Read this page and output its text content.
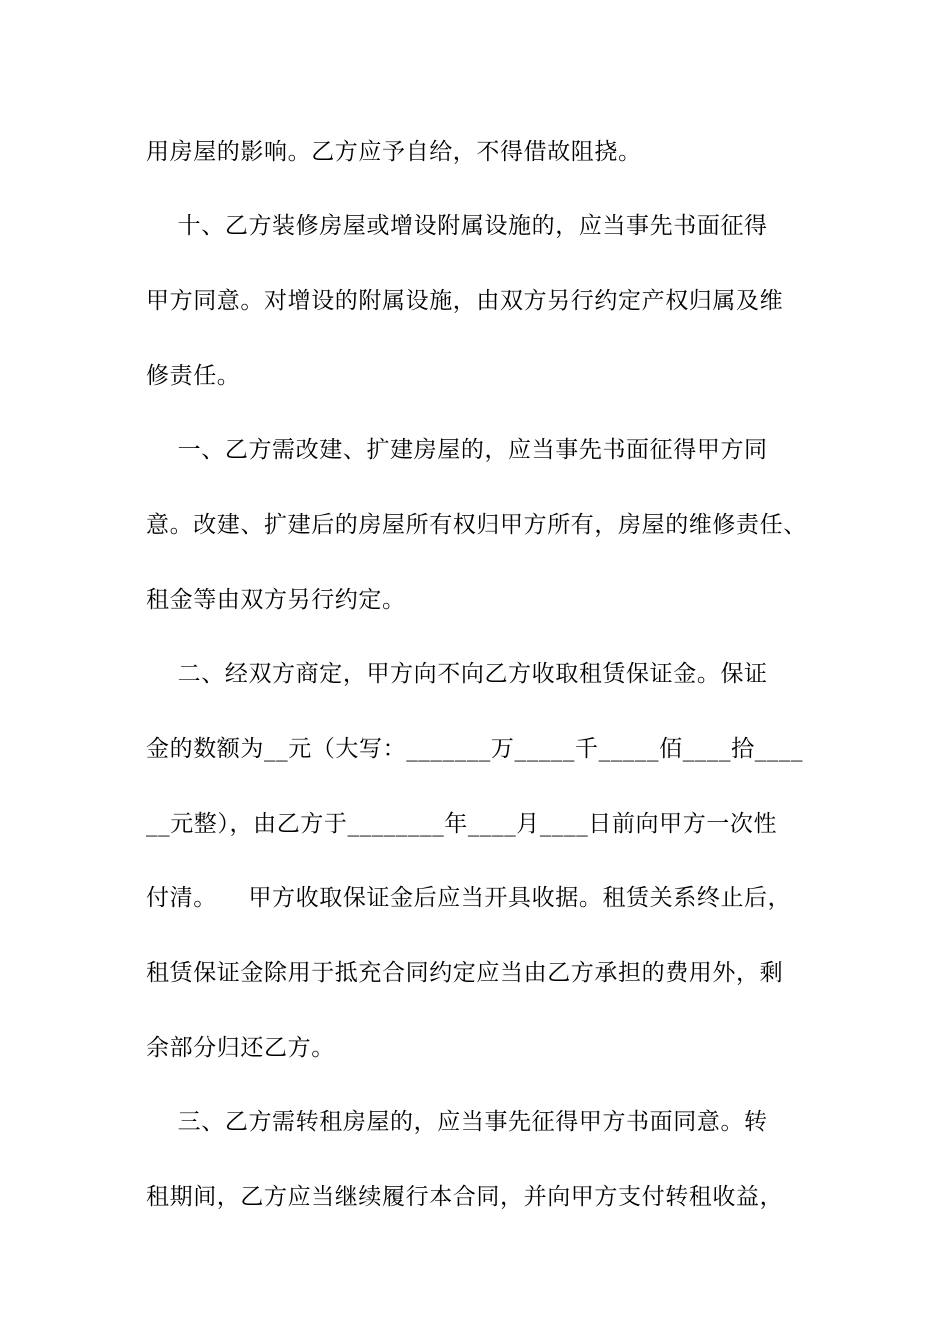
用房屋的影响。乙方应予自给，不得借故阻挠。

十、乙方装修房屋或增设附属设施的，应当事先书面征得

甲方同意。对增设的附属设施，由双方另行约定产权归属及维

修责任。

一、乙方需改建、扩建房屋的，应当事先书面征得甲方同

意。改建、扩建后的房屋所有权归甲方所有，房屋的维修责任、

租金等由双方另行约定。

二、经双方商定，甲方向不向乙方收取租赁保证金。保证

金的数额为__元（大写：_______万_____千_____佰____拾____

__元整），由乙方于________年____月____日前向甲方一次性

付清。    甲方收取保证金后应当开具收据。租赁关系终止后，

租赁保证金除用于抵充合同约定应当由乙方承担的费用外，剩

余部分归还乙方。

三、乙方需转租房屋的，应当事先征得甲方书面同意。转

租期间，乙方应当继续履行本合同，并向甲方支付转租收益，
